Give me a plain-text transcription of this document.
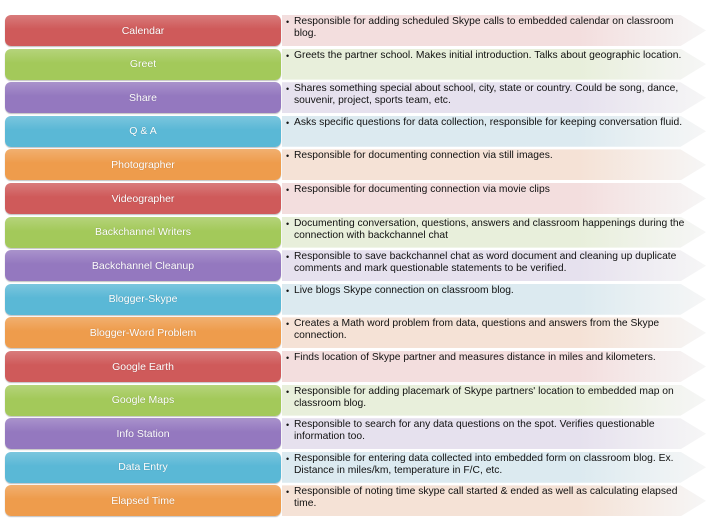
Calendar
• Responsible for adding scheduled Skype calls to embedded calendar on classroom blog.
Greet
• Greets the partner school. Makes initial introduction. Talks about geographic location.
Share
• Shares something special about school, city, state or country. Could be song, dance, souvenir, project, sports team, etc.
Q & A
• Asks specific questions for data collection, responsible for keeping conversation fluid.
Photographer
• Responsible for documenting connection via still images.
Videographer
• Responsible for documenting connection via movie clips
Backchannel Writers
• Documenting conversation, questions, answers and classroom happenings during the connection with backchannel chat
Backchannel Cleanup
• Responsible to save backchannel chat as word document and cleaning up duplicate comments and mark questionable statements to be verified.
Blogger-Skype
• Live blogs Skype connection on classroom blog.
Blogger-Word Problem
• Creates a Math word problem from data, questions and answers from the Skype connection.
Google Earth
• Finds location of Skype partner and measures distance in miles and kilometers.
Google Maps
• Responsible for adding placemark of Skype partners' location to embedded map on classroom blog.
Info Station
• Responsible to search for any data questions on the spot. Verifies questionable information too.
Data Entry
• Responsible for entering data collected into embedded form on classroom blog. Ex. Distance in miles/km, temperature in F/C, etc.
Elapsed Time
• Responsible of noting time skype call started & ended as well as calculating elapsed time.
